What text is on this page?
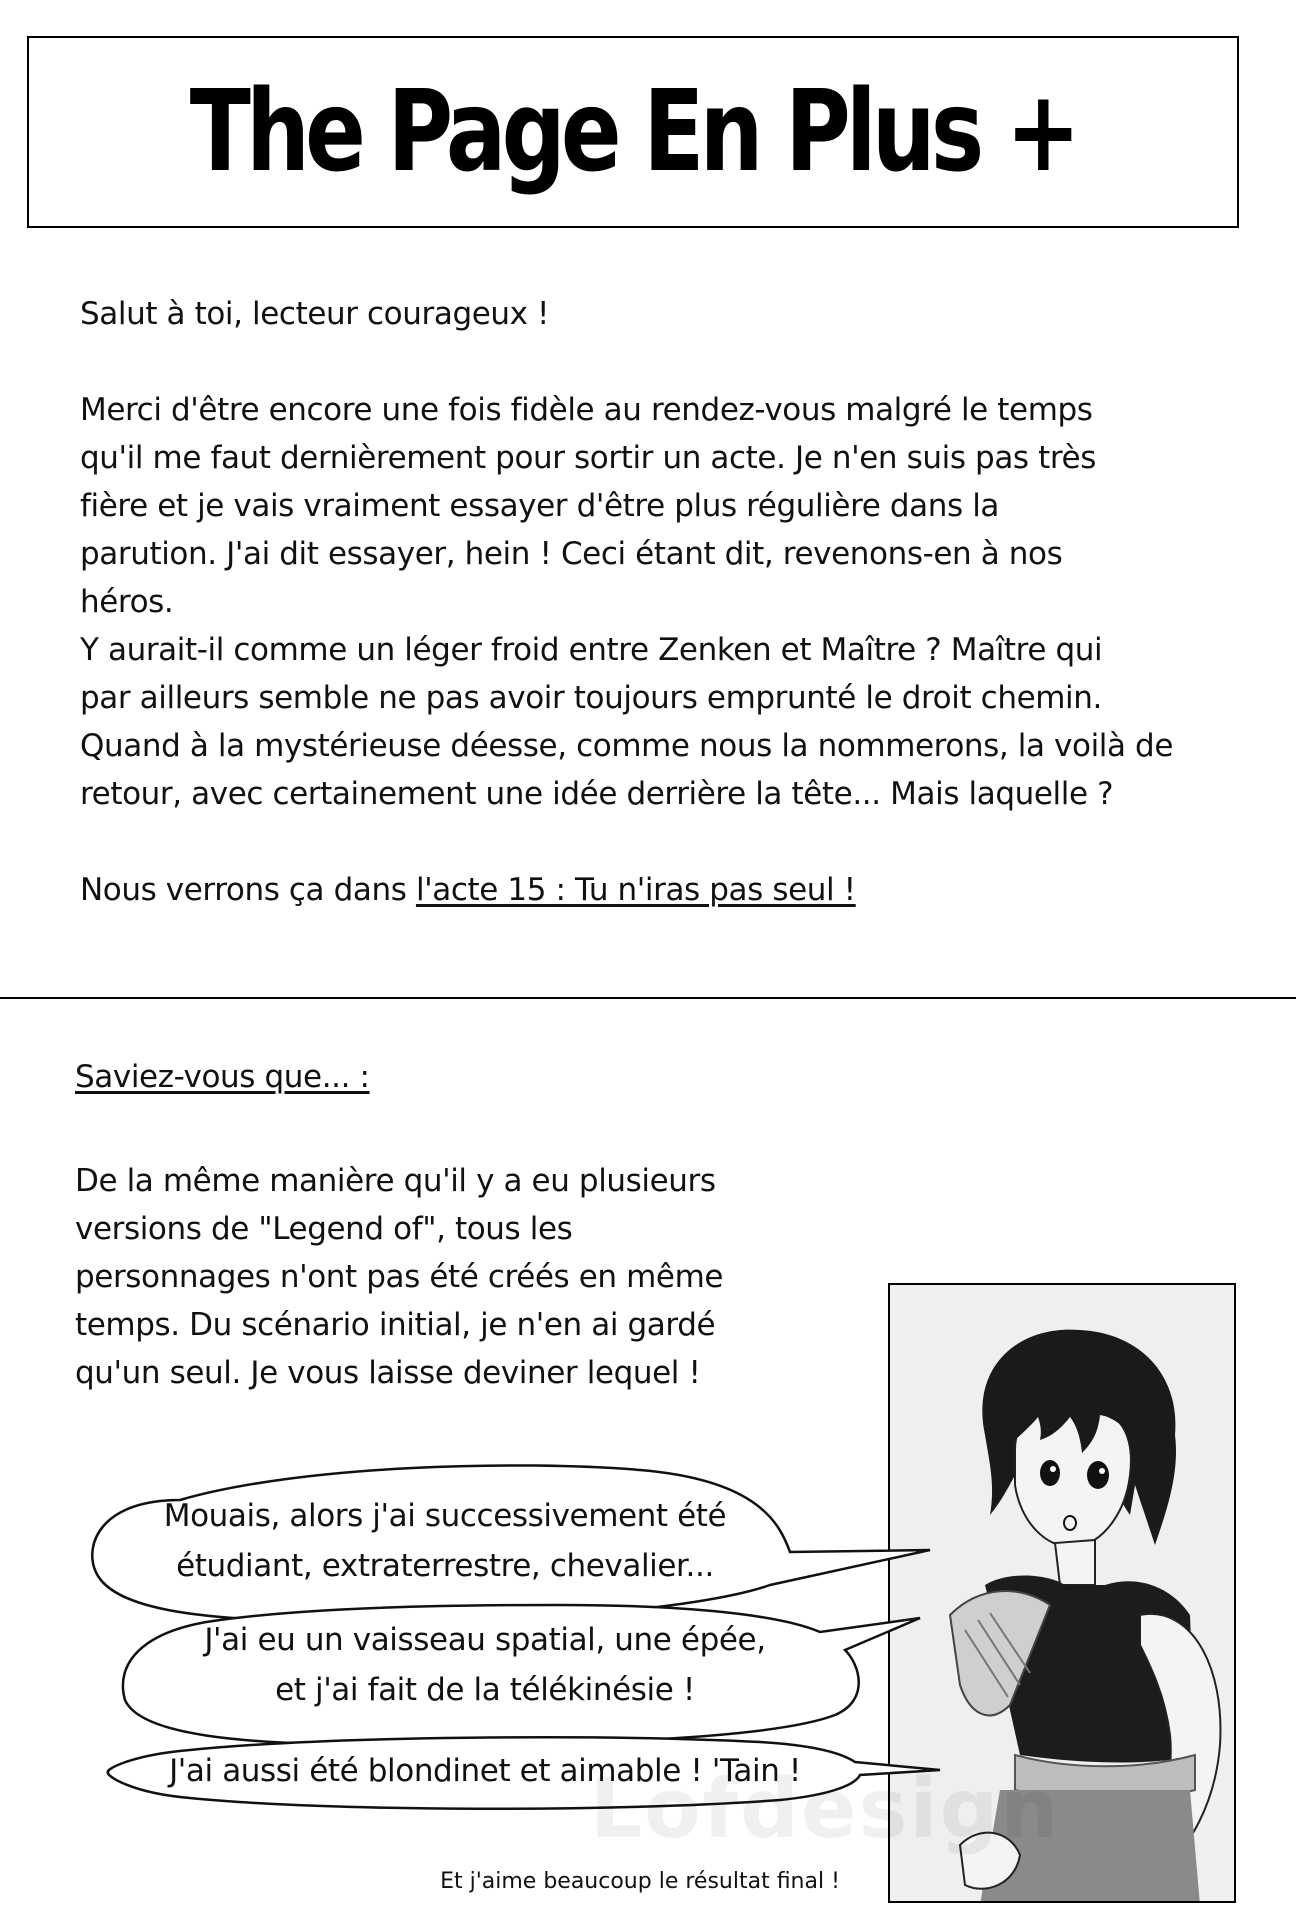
The Page En Plus +

Salut à toi, lecteur courageux !

Merci d'être encore une fois fidèle au rendez-vous malgré le temps

qu'il me faut dernièrement pour sortir un acte. Je n'en suis pas très

fière et je vais vraiment essayer d'être plus régulière dans la

parution. J'ai dit essayer, hein ! Ceci étant dit, revenons-en à nos

héros.

Y aurait-il comme un léger froid entre Zenken et Maître ? Maître qui

par ailleurs semble ne pas avoir toujours emprunté le droit chemin.

Quand à la mystérieuse déesse, comme nous la nommerons, la voilà de

retour, avec certainement une idée derrière la tête... Mais laquelle ?

Nous verrons ça dans l'acte 15 : Tu n'iras pas seul !

Saviez-vous que... :

De la même manière qu'il y a eu plusieurs

versions de "Legend of", tous les

personnages n'ont pas été créés en même

temps. Du scénario initial, je n'en ai gardé

qu'un seul. Je vous laisse deviner lequel !

Mouais, alors j'ai successivement été
étudiant, extraterrestre, chevalier...
J'ai eu un vaisseau spatial, une épée,
et j'ai fait de la télékinésie !
J'ai aussi été blondinet et aimable ! 'Tain !
Lofdesign
Et j'aime beaucoup le résultat final !
